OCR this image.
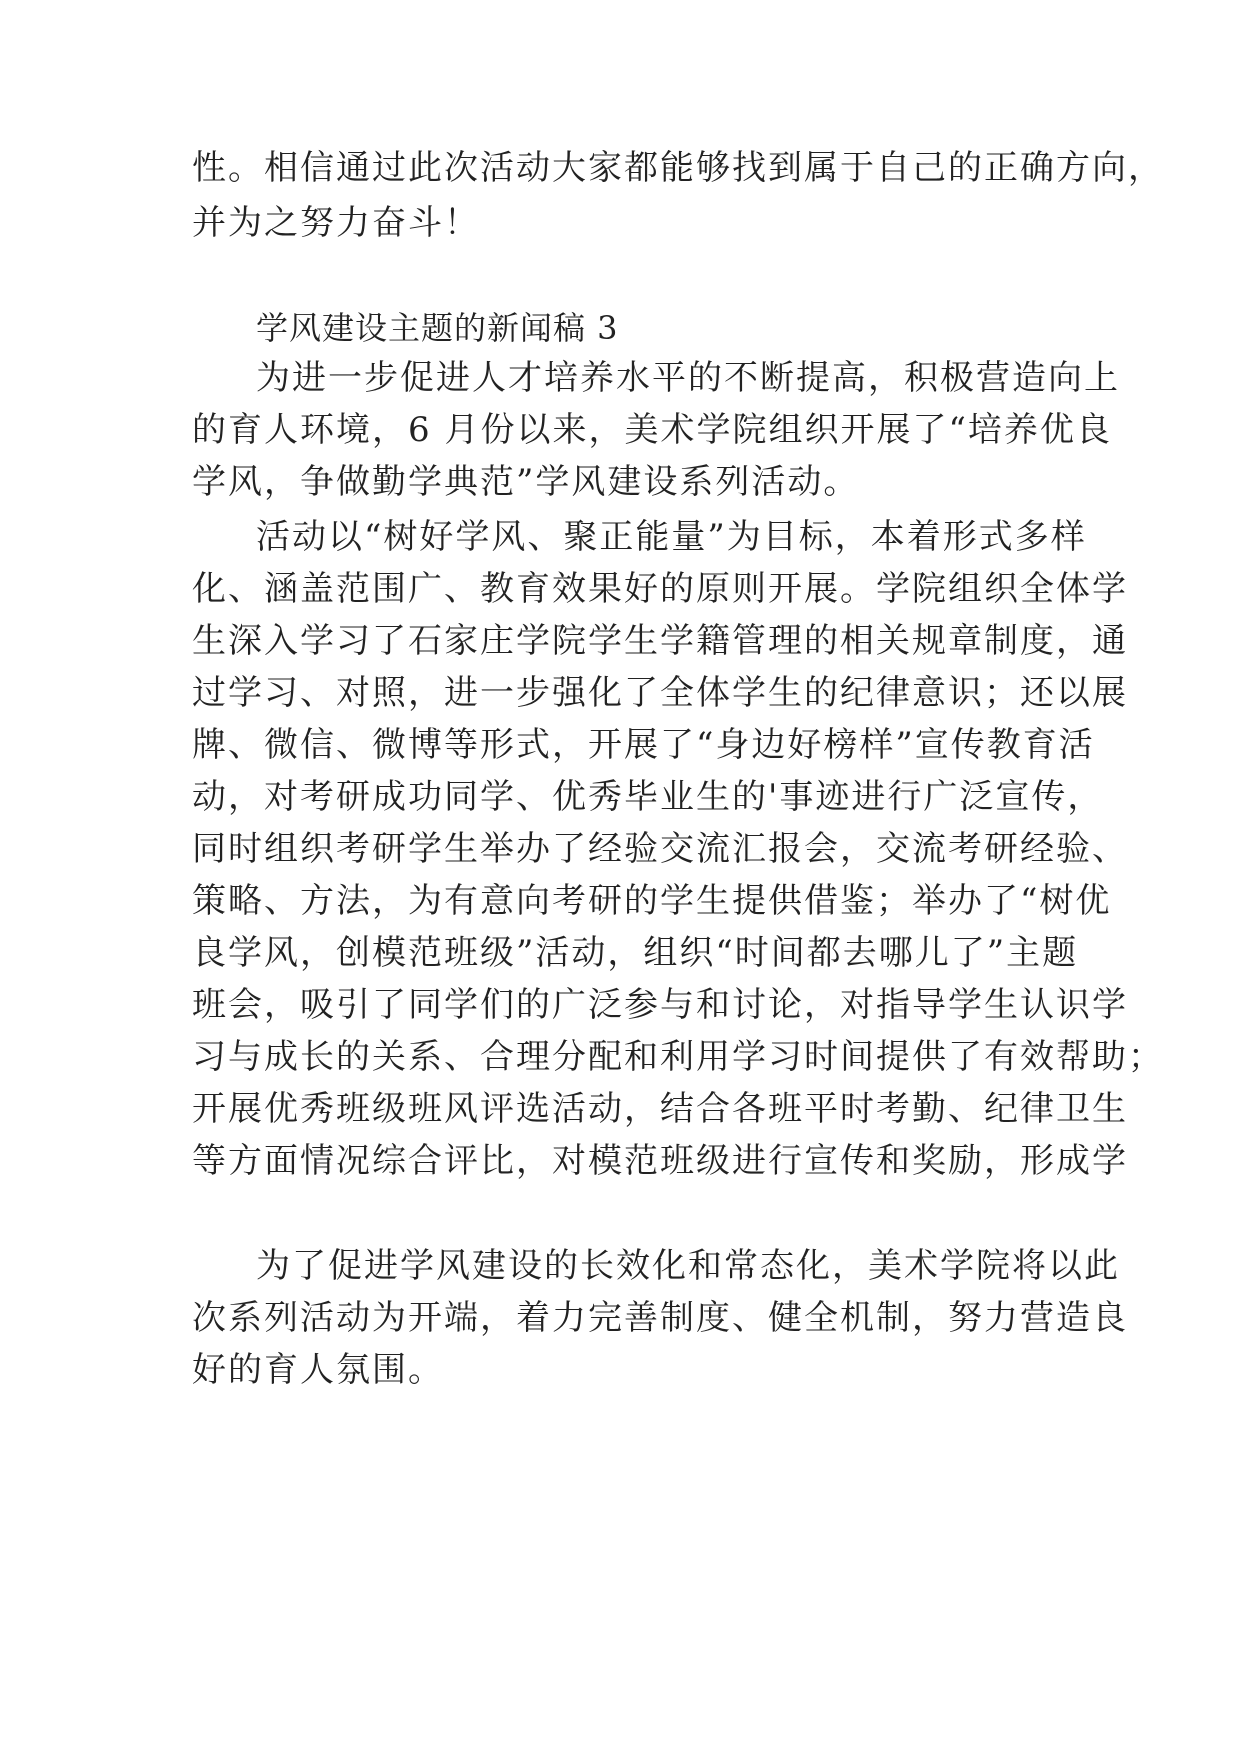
性。相信通过此次活动大家都能够找到属于自己的正确方向，
并为之努力奋斗！
学风建设主题的新闻稿 3
为进一步促进人才培养水平的不断提高，积极营造向上
的育人环境，6 月份以来，美术学院组织开展了“培养优良
学风，争做勤学典范”学风建设系列活动。
活动以“树好学风、聚正能量”为目标，本着形式多样
化、涵盖范围广、教育效果好的原则开展。学院组织全体学
生深入学习了石家庄学院学生学籍管理的相关规章制度，通
过学习、对照，进一步强化了全体学生的纪律意识；还以展
牌、微信、微博等形式，开展了“身边好榜样”宣传教育活
动，对考研成功同学、优秀毕业生的'事迹进行广泛宣传，
同时组织考研学生举办了经验交流汇报会，交流考研经验、
策略、方法，为有意向考研的学生提供借鉴；举办了“树优
良学风，创模范班级”活动，组织“时间都去哪儿了”主题
班会，吸引了同学们的广泛参与和讨论，对指导学生认识学
习与成长的关系、合理分配和利用学习时间提供了有效帮助；
开展优秀班级班风评选活动，结合各班平时考勤、纪律卫生
等方面情况综合评比，对模范班级进行宣传和奖励，形成学
为了促进学风建设的长效化和常态化，美术学院将以此
次系列活动为开端，着力完善制度、健全机制，努力营造良
好的育人氛围。
